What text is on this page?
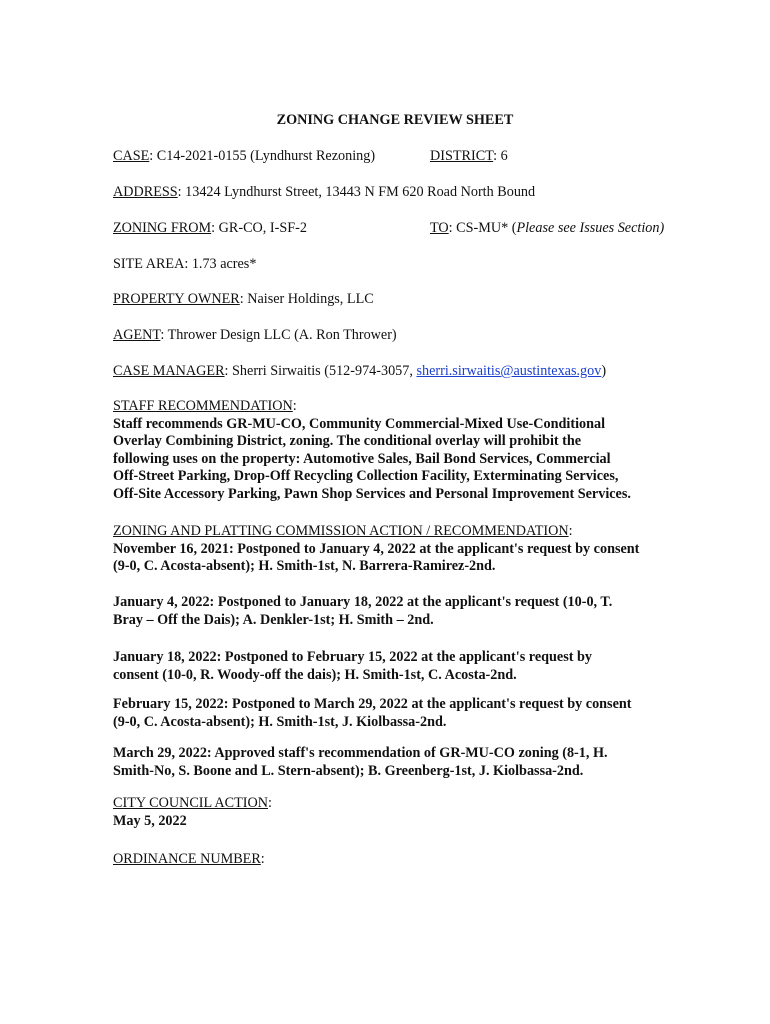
ZONING CHANGE REVIEW SHEET
CASE: C14-2021-0155 (Lyndhurst Rezoning)	DISTRICT: 6
ADDRESS: 13424 Lyndhurst Street, 13443 N FM 620 Road North Bound
ZONING FROM: GR-CO, I-SF-2	TO: CS-MU* (Please see Issues Section)
SITE AREA: 1.73 acres*
PROPERTY OWNER: Naiser Holdings, LLC
AGENT: Thrower Design LLC (A. Ron Thrower)
CASE MANAGER: Sherri Sirwaitis (512-974-3057, sherri.sirwaitis@austintexas.gov)
STAFF RECOMMENDATION:
Staff recommends GR-MU-CO, Community Commercial-Mixed Use-Conditional
Overlay Combining District, zoning. The conditional overlay will prohibit the
following uses on the property: Automotive Sales, Bail Bond Services, Commercial
Off-Street Parking, Drop-Off Recycling Collection Facility, Exterminating Services,
Off-Site Accessory Parking, Pawn Shop Services and Personal Improvement Services.
ZONING AND PLATTING COMMISSION ACTION / RECOMMENDATION:
November 16, 2021: Postponed to January 4, 2022 at the applicant's request by consent
(9-0, C. Acosta-absent); H. Smith-1st, N. Barrera-Ramirez-2nd.
January 4, 2022: Postponed to January 18, 2022 at the applicant's request (10-0, T.
Bray – Off the Dais); A. Denkler-1st; H. Smith – 2nd.
January 18, 2022: Postponed to February 15, 2022 at the applicant's request by
consent (10-0, R. Woody-off the dais); H. Smith-1st, C. Acosta-2nd.
February 15, 2022: Postponed to March 29, 2022 at the applicant's request by consent
(9-0, C. Acosta-absent); H. Smith-1st, J. Kiolbassa-2nd.
March 29, 2022: Approved staff's recommendation of GR-MU-CO zoning (8-1, H.
Smith-No, S. Boone and L. Stern-absent); B. Greenberg-1st, J. Kiolbassa-2nd.
CITY COUNCIL ACTION:
May 5, 2022
ORDINANCE NUMBER:
